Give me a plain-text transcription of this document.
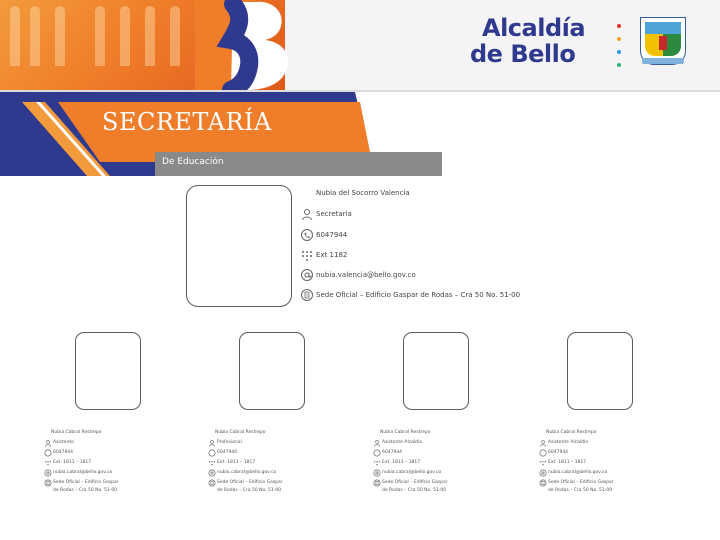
Alcaldía
de Bello
SECRETARÍA
De Educación
Nubia del Socorro Valencia
Secretaria
6047944
Ext 1182
nubia.valencia@bello.gov.co
Sede Oficial – Edificio Gaspar de Rodas – Cra 50 No. 51-00
Nubia Cabral Restrepo
Asistente
6047944
Ext. 1811 – 1817
nubia.cabral@bello.gov.co
Sede Oficial – Edificio Gaspar
de Rodas – Cra 50 No. 51-00
Nubia Cabral Restrepo
Profesional
6047944
Ext. 1811 – 1817
nubia.cabral@bello.gov.co
Sede Oficial – Edificio Gaspar
de Rodas – Cra 50 No. 51-00
Nubia Cabral Restrepo
Asistente Alcaldía
6047944
Ext. 1811 – 1817
nubia.cabral@bello.gov.co
Sede Oficial – Edificio Gaspar
de Rodas – Cra 50 No. 51-00
Nubia Cabral Restrepo
Asistente Alcaldía
6047944
Ext. 1811 – 1817
nubia.cabral@bello.gov.co
Sede Oficial – Edificio Gaspar
de Rodas – Cra 50 No. 51-00
